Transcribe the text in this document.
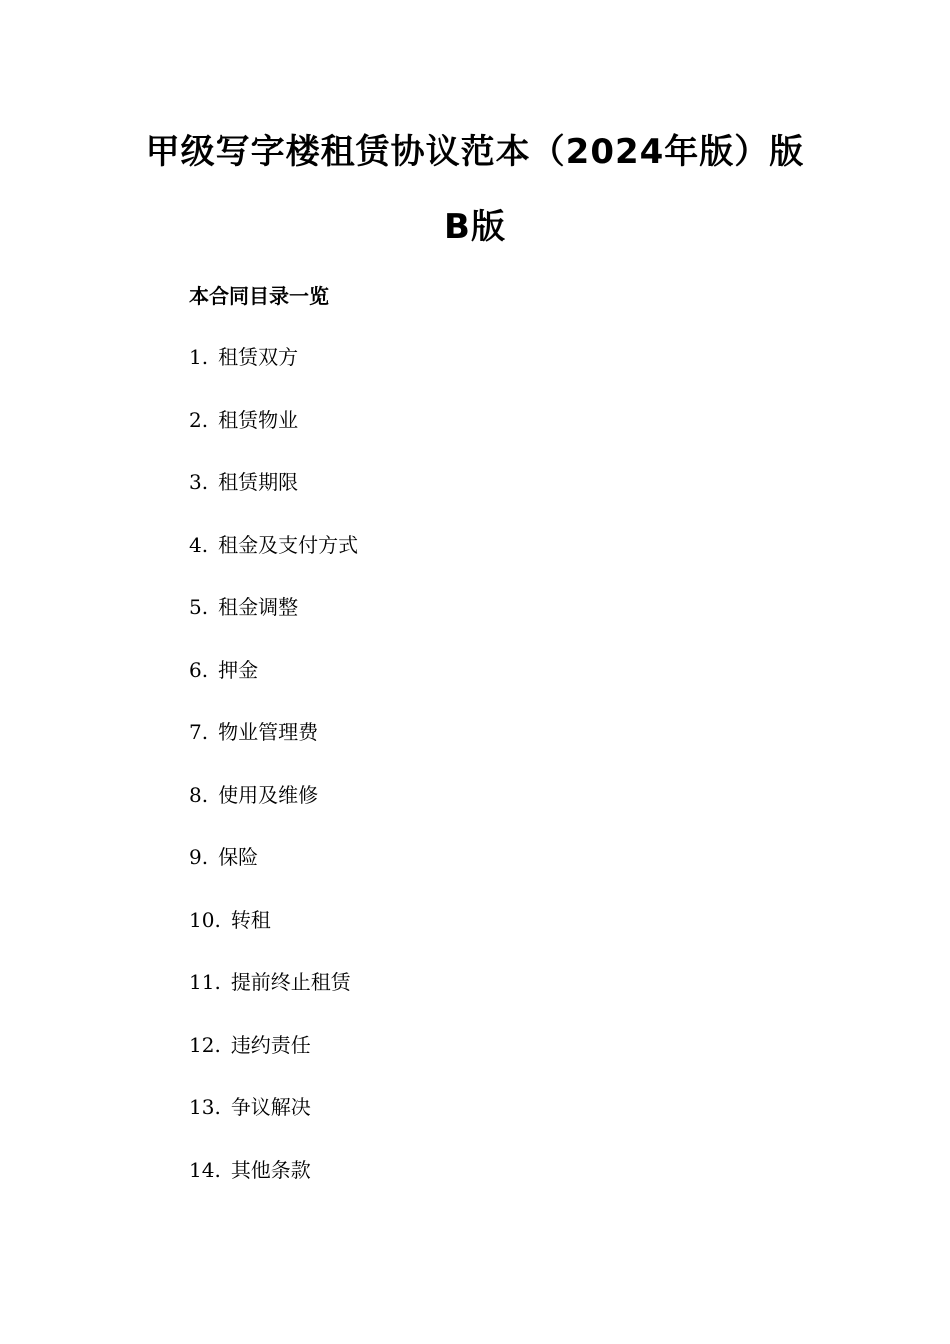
甲级写字楼租赁协议范本（2024年版）版
B版
本合同目录一览
1. 租赁双方
2. 租赁物业
3. 租赁期限
4. 租金及支付方式
5. 租金调整
6. 押金
7. 物业管理费
8. 使用及维修
9. 保险
10. 转租
11. 提前终止租赁
12. 违约责任
13. 争议解决
14. 其他条款
